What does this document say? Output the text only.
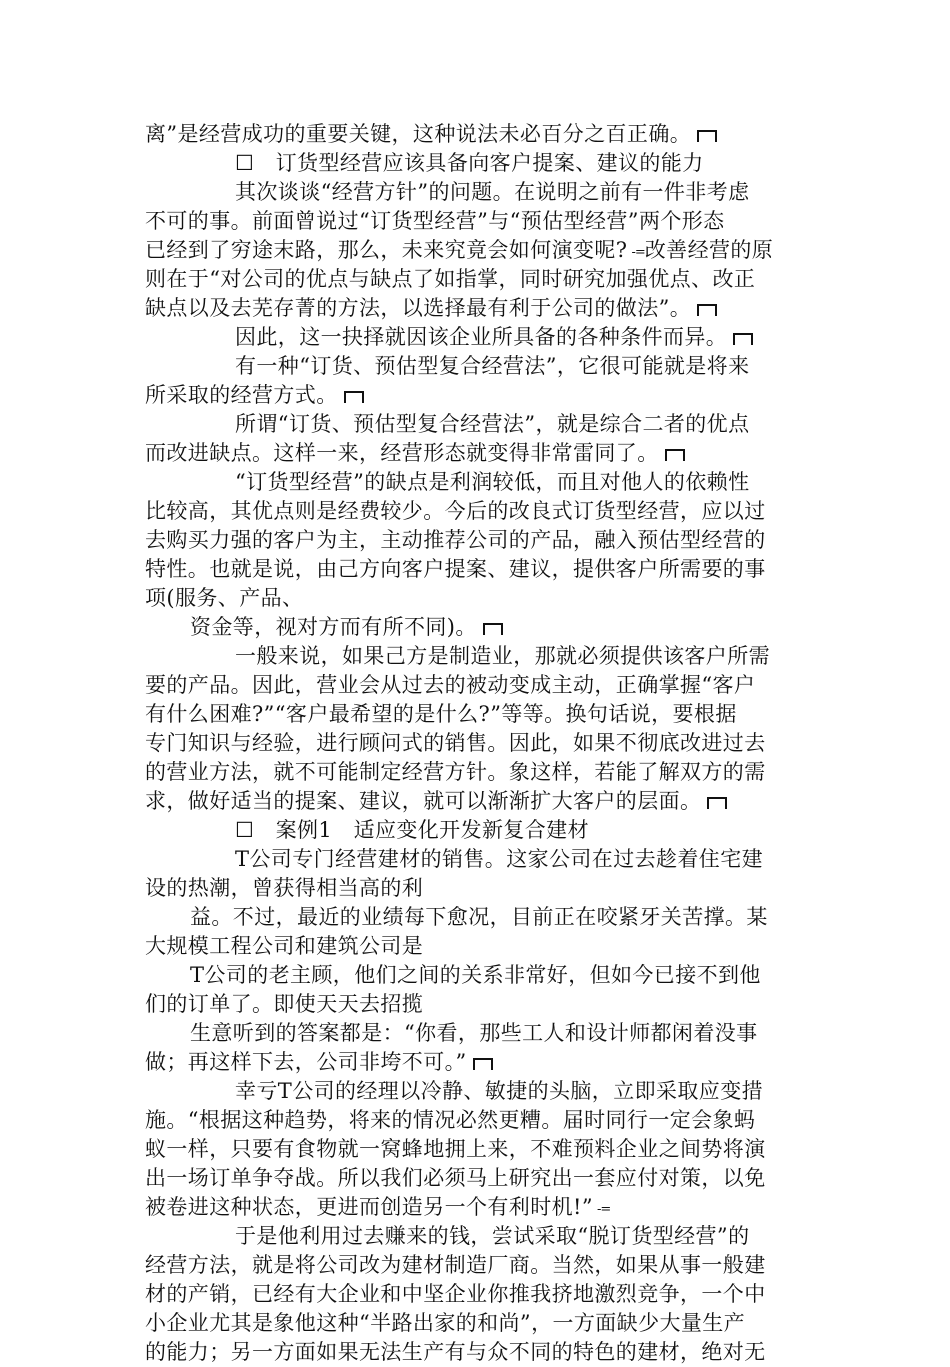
离”是经营成功的重要关键，这种说法未必百分之百正确。
☐　订货型经营应该具备向客户提案、建议的能力
其次谈谈“经营方针”的问题。在说明之前有一件非考虑
不可的事。前面曾说过“订货型经营”与“预估型经营”两个形态
已经到了穷途末路，那么，未来究竟会如何演变呢? -=改善经营的原
则在于“对公司的优点与缺点了如指掌，同时研究加强优点、改正
缺点以及去芜存菁的方法，以选择最有利于公司的做法”。
因此，这一抉择就因该企业所具备的各种条件而异。
有一种“订货、预估型复合经营法”，它很可能就是将来
所采取的经营方式。
所谓“订货、预估型复合经营法”，就是综合二者的优点
而改进缺点。这样一来，经营形态就变得非常雷同了。
“订货型经营”的缺点是利润较低，而且对他人的依赖性
比较高，其优点则是经费较少。今后的改良式订货型经营，应以过
去购买力强的客户为主，主动推荐公司的产品，融入预估型经营的
特性。也就是说，由己方向客户提案、建议，提供客户所需要的事
项(服务、产品、
资金等，视对方而有所不同)。
一般来说，如果己方是制造业，那就必须提供该客户所需
要的产品。因此，营业会从过去的被动变成主动，正确掌握“客户
有什么困难?”“客户最希望的是什么?”等等。换句话说，要根据
专门知识与经验，进行顾问式的销售。因此，如果不彻底改进过去
的营业方法，就不可能制定经营方针。象这样，若能了解双方的需
求，做好适当的提案、建议，就可以渐渐扩大客户的层面。
☐　案例1　适应变化开发新复合建材
T公司专门经营建材的销售。这家公司在过去趁着住宅建
设的热潮，曾获得相当高的利
益。不过，最近的业绩每下愈况，目前正在咬紧牙关苦撑。某
大规模工程公司和建筑公司是
T公司的老主顾，他们之间的关系非常好，但如今已接不到他
们的订单了。即使天天去招揽
生意听到的答案都是：“你看，那些工人和设计师都闲着没事
做；再这样下去，公司非垮不可。”
幸亏T公司的经理以冷静、敏捷的头脑，立即采取应变措
施。“根据这种趋势，将来的情况必然更糟。届时同行一定会象蚂
蚁一样，只要有食物就一窝蜂地拥上来，不难预料企业之间势将演
出一场订单争夺战。所以我们必须马上研究出一套应付对策，以免
被卷进这种状态，更进而创造另一个有利时机!” -=
于是他利用过去赚来的钱，尝试采取“脱订货型经营”的
经营方法，就是将公司改为建材制造厂商。当然，如果从事一般建
材的产销，已经有大企业和中坚企业你推我挤地激烈竞争，一个中
小企业尤其是象他这种“半路出家的和尚”，一方面缺少大量生产
的能力；另一方面如果无法生产有与众不同的特色的建材，绝对无
